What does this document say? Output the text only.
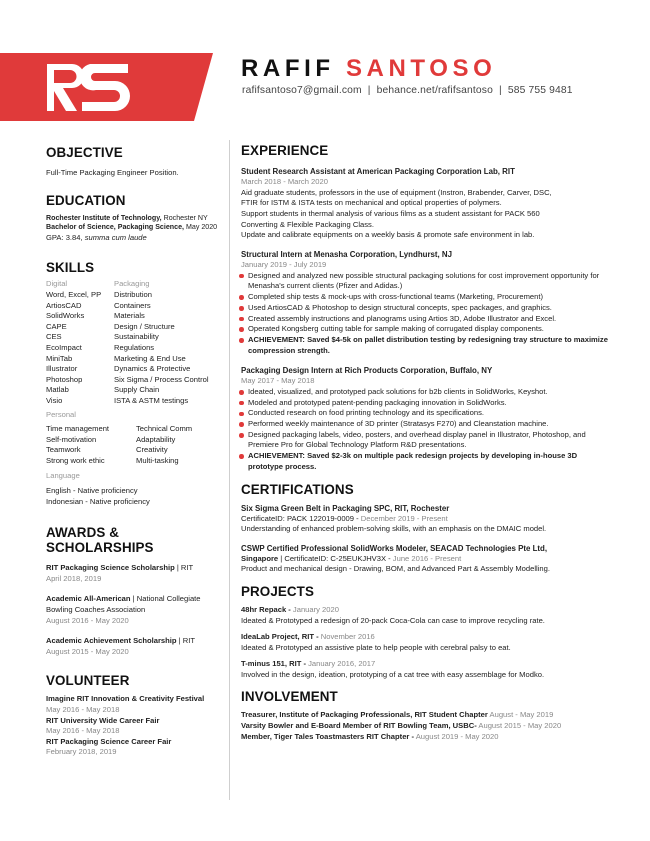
RS
RAFIF SANTOSO
rafifsantoso7@gmail.com | behance.net/rafifsantoso | 585 755 9481
OBJECTIVE

Full-Time Packaging Engineer Position.

EDUCATION
Rochester Institute of Technology, Rochester NY
Bachelor of Science, Packaging Science, May 2020
GPA: 3.84, summa cum laude
SKILLS
Digital
Word, Excel, PP
ArtiosCAD
SolidWorks
CAPE
CES
EcoImpact
MiniTab
Illustrator
Photoshop
Matlab
Visio
Packaging
Distribution
Containers
Materials
Design / Structure
Sustainability
Regulations
Marketing & End Use
Dynamics & Protective
Six Sigma / Process Control
Supply Chain
ISTA & ASTM testings
Personal
Time management
Self-motivation
Teamwork
Strong work ethic
Technical Comm
Adaptability
Creativity
Multi-tasking
Language
English - Native proficiency
Indonesian - Native proficiency
AWARDS & SCHOLARSHIPS
RIT Packaging Science Scholarship | RIT
April 2018, 2019
Academic All-American | National Collegiate Bowling Coaches Association
August 2016 - May 2020
Academic Achievement Scholarship | RIT
August 2015 - May 2020
VOLUNTEER
Imagine RIT Innovation & Creativity Festival
May 2016 - May 2018
RIT University Wide Career Fair
May 2016 - May 2018
RIT Packaging Science Career Fair
February 2018, 2019
EXPERIENCE
Student Research Assistant at American Packaging Corporation Lab, RIT
March 2018 - March 2020

Aid graduate students, professors in the use of equipment (Instron, Brabender, Carver, DSC,

FTIR for ISTM & ISTA tests on mechanical and optical properties of polymers.

Support students in thermal analysis of various films as a student assistant for PACK 560

Converting & Flexible Packaging Class.

Update and calibrate equipments on a weekly basis & promote safe environment in lab.

Structural Intern at Menasha Corporation, Lyndhurst, NJ
January 2019 - July 2019
Designed and analyzed new possible structural packaging solutions for cost improvement opportunity for Menasha's current clients (Pfizer and Adidas.)
Completed ship tests & mock-ups with cross-functional teams (Marketing, Procurement)
Used ArtiosCAD & Photoshop to design structural concepts, spec packages, and graphics.
Created assembly instructions and planograms using Artios 3D, Adobe Illustrator and Excel.
Operated Kongsberg cutting table for sample making of corrugated display components.
ACHIEVEMENT: Saved $4-5k on pallet distribution testing by redesigning tray structure to maximize compression strength.
Packaging Design Intern at Rich Products Corporation, Buffalo, NY
May 2017 - May 2018
Ideated, visualized, and prototyped pack solutions for b2b clients in SolidWorks, Keyshot.
Modeled and prototyped patent-pending packaging innovation in SolidWorks.
Conducted research on food printing technology and its specifications.
Performed weekly maintenance of 3D printer (Stratasys F270) and Cleanstation machine.
Designed packaging labels, video, posters, and overhead display panel in Illustrator, Photoshop, and Premiere Pro for Global Technology Platform R&D presentations.
ACHIEVEMENT: Saved $2-3k on multiple pack redesign projects by developing in-house 3D prototype process.
CERTIFICATIONS
Six Sigma Green Belt in Packaging SPC, RIT, Rochester
CertificateID: PACK 122019-0009 - December 2019 - Present
Understanding of enhanced problem-solving skills, with an emphasis on the DMAIC model.
CSWP Certified Professional SolidWorks Modeler, SEACAD Technologies Pte Ltd,
Singapore | CertificateID: C-25EUKJHV3X - June 2016 - Present
Product and mechanical design - Drawing, BOM, and Advanced Part & Assembly Modelling.
PROJECTS
48hr Repack - January 2020
Ideated & Prototyped a redesign of 20-pack Coca-Cola can case to improve recycling rate.
IdeaLab Project, RIT - November 2016
Ideated & Prototyped an assistive plate to help people with cerebral palsy to eat.
T-minus 151, RIT - January 2016, 2017
Involved in the design, ideation, prototyping of a cat tree with easy assemblage for Modko.
INVOLVEMENT
Treasurer, Institute of Packaging Professionals, RIT Student Chapter August - May 2019
Varsity Bowler and E-Board Member of RIT Bowling Team, USBC- August 2015 - May 2020
Member, Tiger Tales Toastmasters RIT Chapter - August 2019 - May 2020
